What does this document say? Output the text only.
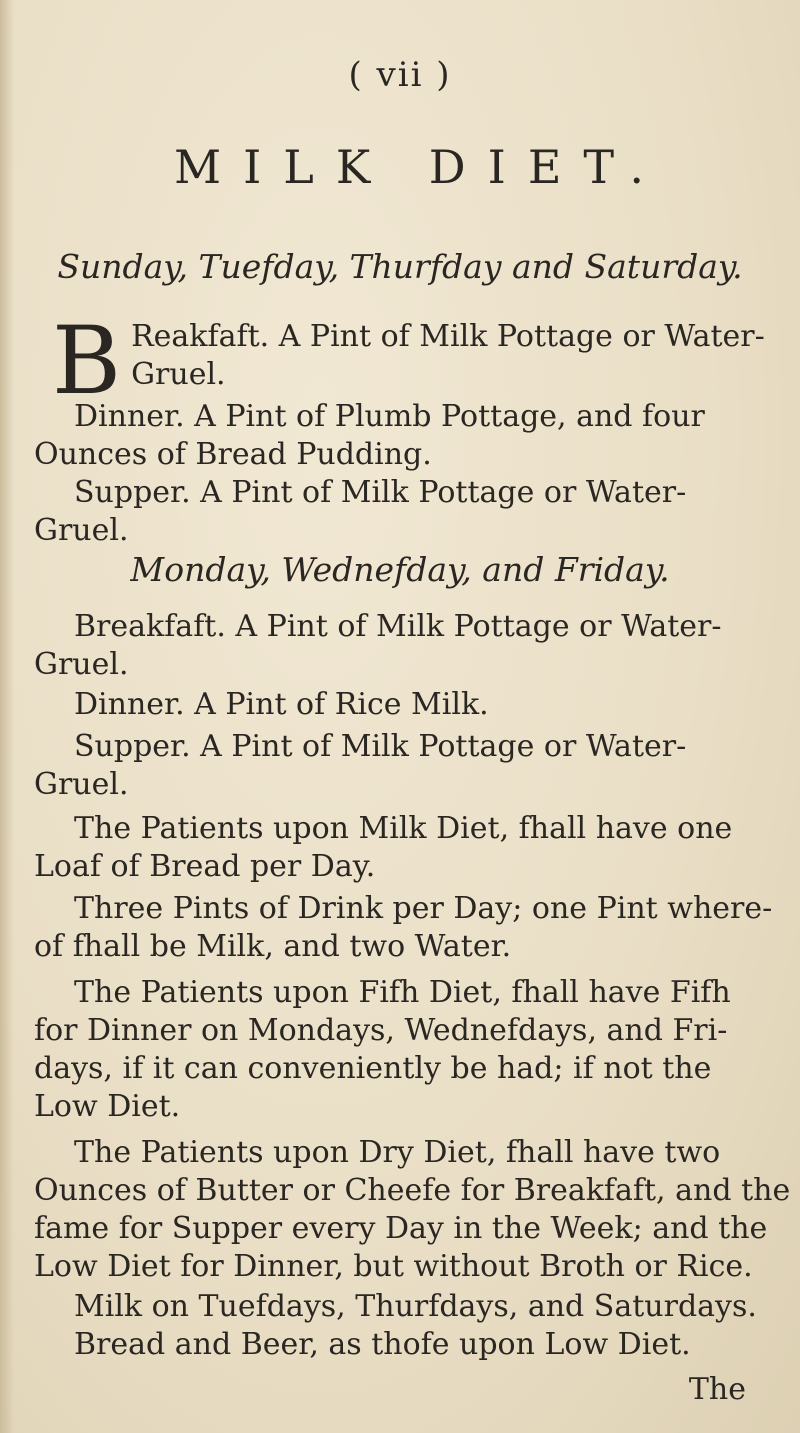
( vii )
MILK DIET.
Sunday, Tuefday, Thurfday and Saturday.
B Reakfaft. A Pint of Milk Pottage or Water-
Gruel.
Dinner. A Pint of Plumb Pottage, and four
Ounces of Bread Pudding.
Supper. A Pint of Milk Pottage or Water-
Gruel.
Monday, Wednefday, and Friday.
Breakfaft. A Pint of Milk Pottage or Water-
Gruel.
Dinner. A Pint of Rice Milk.
Supper. A Pint of Milk Pottage or Water-
Gruel.
The Patients upon Milk Diet, fhall have one
Loaf of Bread per Day.
Three Pints of Drink per Day; one Pint where-
of fhall be Milk, and two Water.
The Patients upon Fifh Diet, fhall have Fifh
for Dinner on Mondays, Wednefdays, and Fri-
days, if it can conveniently be had; if not the
Low Diet.
The Patients upon Dry Diet, fhall have two
Ounces of Butter or Cheefe for Breakfaft, and the
fame for Supper every Day in the Week; and the
Low Diet for Dinner, but without Broth or Rice.
Milk on Tuefdays, Thurfdays, and Saturdays.
Bread and Beer, as thofe upon Low Diet.
The
